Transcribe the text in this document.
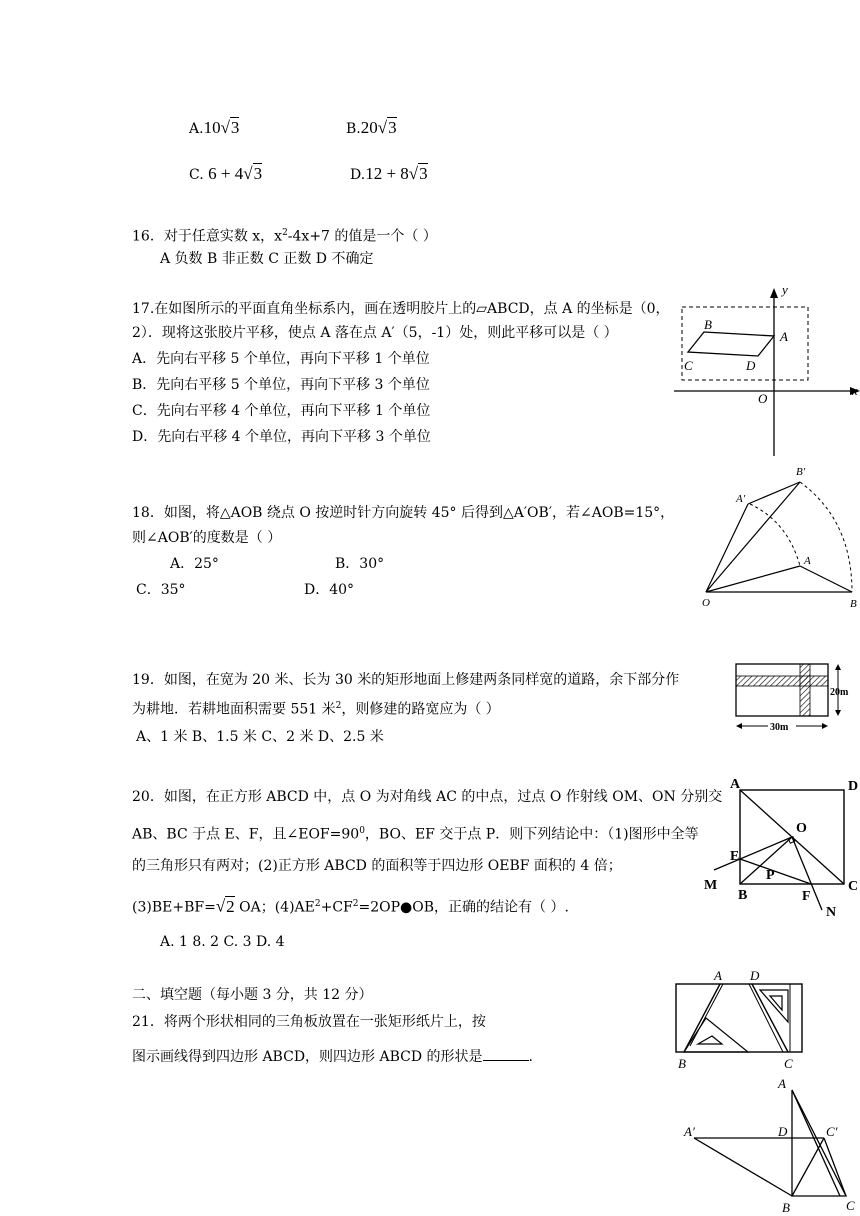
A.10√3	B.20√3
C. 6 + 4√3	D.12 + 8√3
16．对于任意实数 x，$x^2-4x+7$ 的值是一个（ ）
A 负数 B 非正数 C 正数 D 不确定
17.在如图所示的平面直角坐标系内，画在透明胶片上的▱ABCD，点 A 的坐标是（0，
2）．现将这张胶片平移，使点 A 落在点 A′（5，-1）处，则此平移可以是（ ）
A．先向右平移 5 个单位，再向下平移 1 个单位
B．先向右平移 5 个单位，再向下平移 3 个单位
C．先向右平移 4 个单位，再向下平移 1 个单位
D．先向右平移 4 个单位，再向下平移 3 个单位
y
x
O
A
B
C	D
18．如图，将△AOB 绕点 O 按逆时针方向旋转 45° 后得到△A′OB′，若∠AOB=15°，
则∠AOB′的度数是（ ）
A．25°	B．30°
C．35°	D．40°
B′
A′
A
O	B
19．如图，在宽为 20 米、长为 30 米的矩形地面上修建两条同样宽的道路，余下部分作
为耕地．若耕地面积需要 551 米$^2$，则修建的路宽应为（ ）
A、1 米 B、1.5 米 C、2 米 D、2.5 米
20m
30m
20．如图，在正方形 ABCD 中，点 O 为对角线 AC 的中点，过点 O 作射线 OM、ON 分别交
AB、BC 于点 E、F，且$\angle EOF=90^0$，BO、EF 交于点 P．则下列结论中：（1)图形中全等
的三角形只有两对；(2)正方形 ABCD 的面积等于四边形 OEBF 面积的 4 倍；
(3)BE+BF=√2 OA；$(4)AE^2+CF^2=2OP●OB$，正确的结论有（ ）.
A. 1 8. 2 C. 3 D. 4
A	D
O
E
M
P
B	F
C
N
二、填空题（每小题 3 分，共 12 分）
21．将两个形状相同的三角板放置在一张矩形纸片上，按
图示画线得到四边形 ABCD，则四边形 ABCD 的形状是	.
A D
B	C
A
A′	D	C′
B	C
